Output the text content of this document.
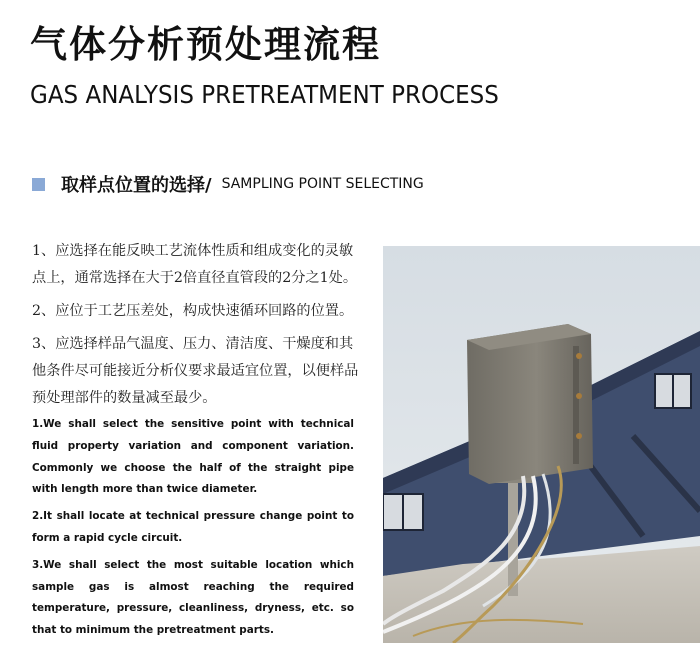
气体分析预处理流程
GAS ANALYSIS PRETREATMENT PROCESS
取样点位置的选择/ SAMPLING POINT SELECTING

1、应选择在能反映工艺流体性质和组成变化的灵敏点上，通常选择在大于2倍直径直管段的2分之1处。

2、应位于工艺压差处，构成快速循环回路的位置。

3、应选择样品气温度、压力、清洁度、干燥度和其他条件尽可能接近分析仪要求最适宜位置，以便样品预处理部件的数量减至最少。

1.We shall select the sensitive point with technical fluid property variation and component variation. Commonly we choose the half of the straight pipe with length more than twice diameter.

2.It shall locate at technical pressure change point to form a rapid cycle circuit.

3.We shall select the most suitable location which sample gas is almost reaching the required temperature, pressure, cleanliness, dryness, etc. so that to minimum the pretreatment parts.
